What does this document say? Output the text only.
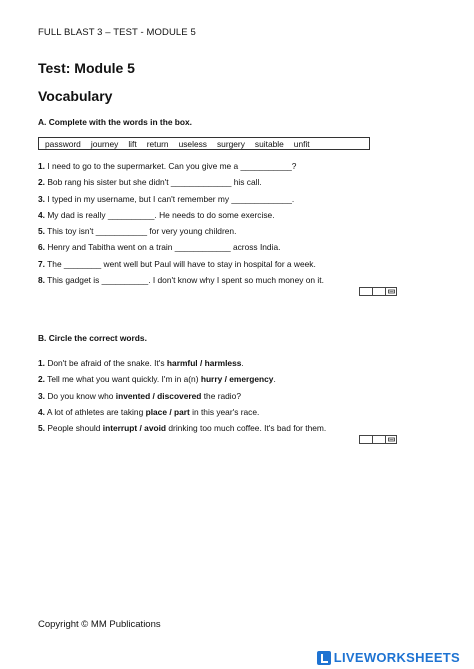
FULL BLAST 3 – TEST - MODULE 5
Test: Module 5
Vocabulary
A. Complete with the words in the box.
password journey lift return useless surgery suitable unfit
1. I need to go to the supermarket. Can you give me a ___________?
2. Bob rang his sister but she didn't _____________ his call.
3. I typed in my username, but I can't remember my _____________.
4. My dad is really __________. He needs to do some exercise.
5. This toy isn't ___________ for very young children.
6. Henry and Tabitha went on a train ____________ across India.
7. The ________ went well but Paul will have to stay in hospital for a week.
8. This gadget is __________. I don't know why I spent so much money on it.
B. Circle the correct words.
1. Don't be afraid of the snake. It's harmful / harmless.
2. Tell me what you want quickly. I'm in a(n) hurry / emergency.
3. Do you know who invented / discovered the radio?
4. A lot of athletes are taking place / part in this year's race.
5. People should interrupt / avoid drinking too much coffee. It's bad for them.
Copyright © MM Publications
LIVEWORKSHEETS
